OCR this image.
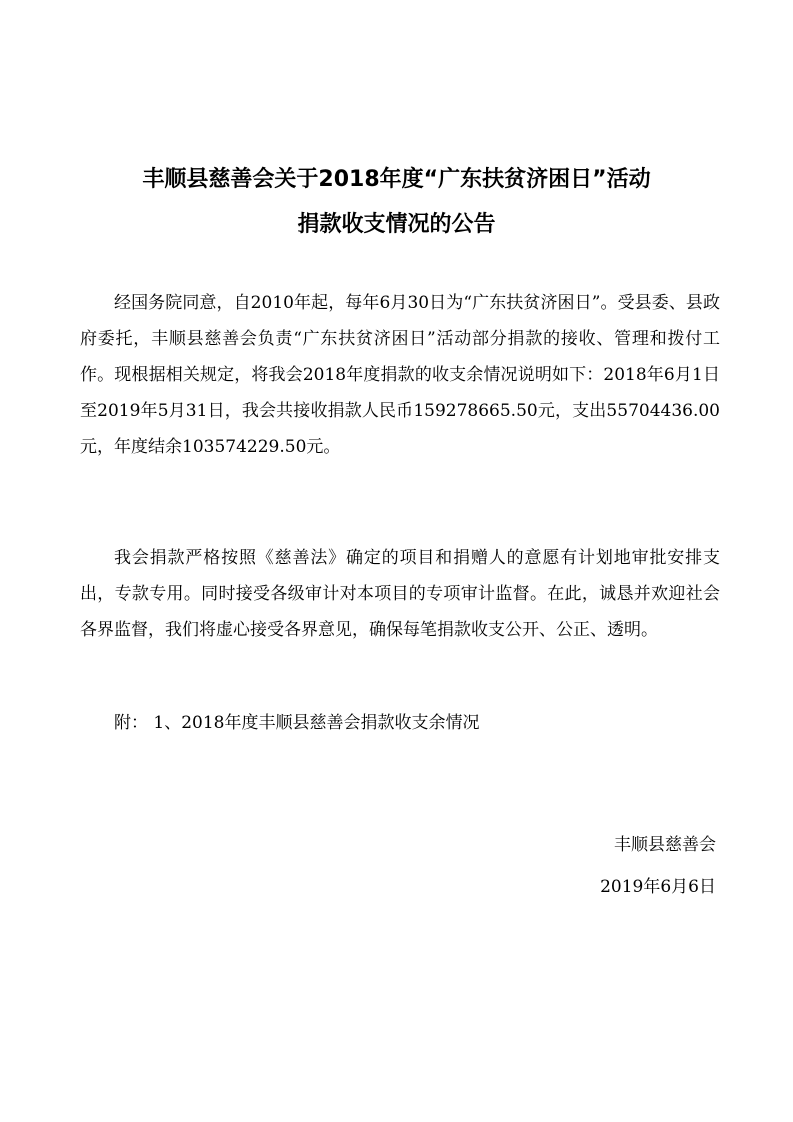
丰顺县慈善会关于2018年度“广东扶贫济困日”活动
捐款收支情况的公告

经国务院同意，自2010年起，每年6月30日为“广东扶贫济困日”。受县委、县政府委托，丰顺县慈善会负责“广东扶贫济困日”活动部分捐款的接收、管理和拨付工作。现根据相关规定，将我会2018年度捐款的收支余情况说明如下：2018年6月1日至2019年5月31日，我会共接收捐款人民币159278665.50元，支出55704436.00元，年度结余103574229.50元。

我会捐款严格按照《慈善法》确定的项目和捐赠人的意愿有计划地审批安排支出，专款专用。同时接受各级审计对本项目的专项审计监督。在此，诚恳并欢迎社会各界监督，我们将虚心接受各界意见，确保每笔捐款收支公开、公正、透明。

附： 1、2018年度丰顺县慈善会捐款收支余情况

丰顺县慈善会
2019年6月6日
